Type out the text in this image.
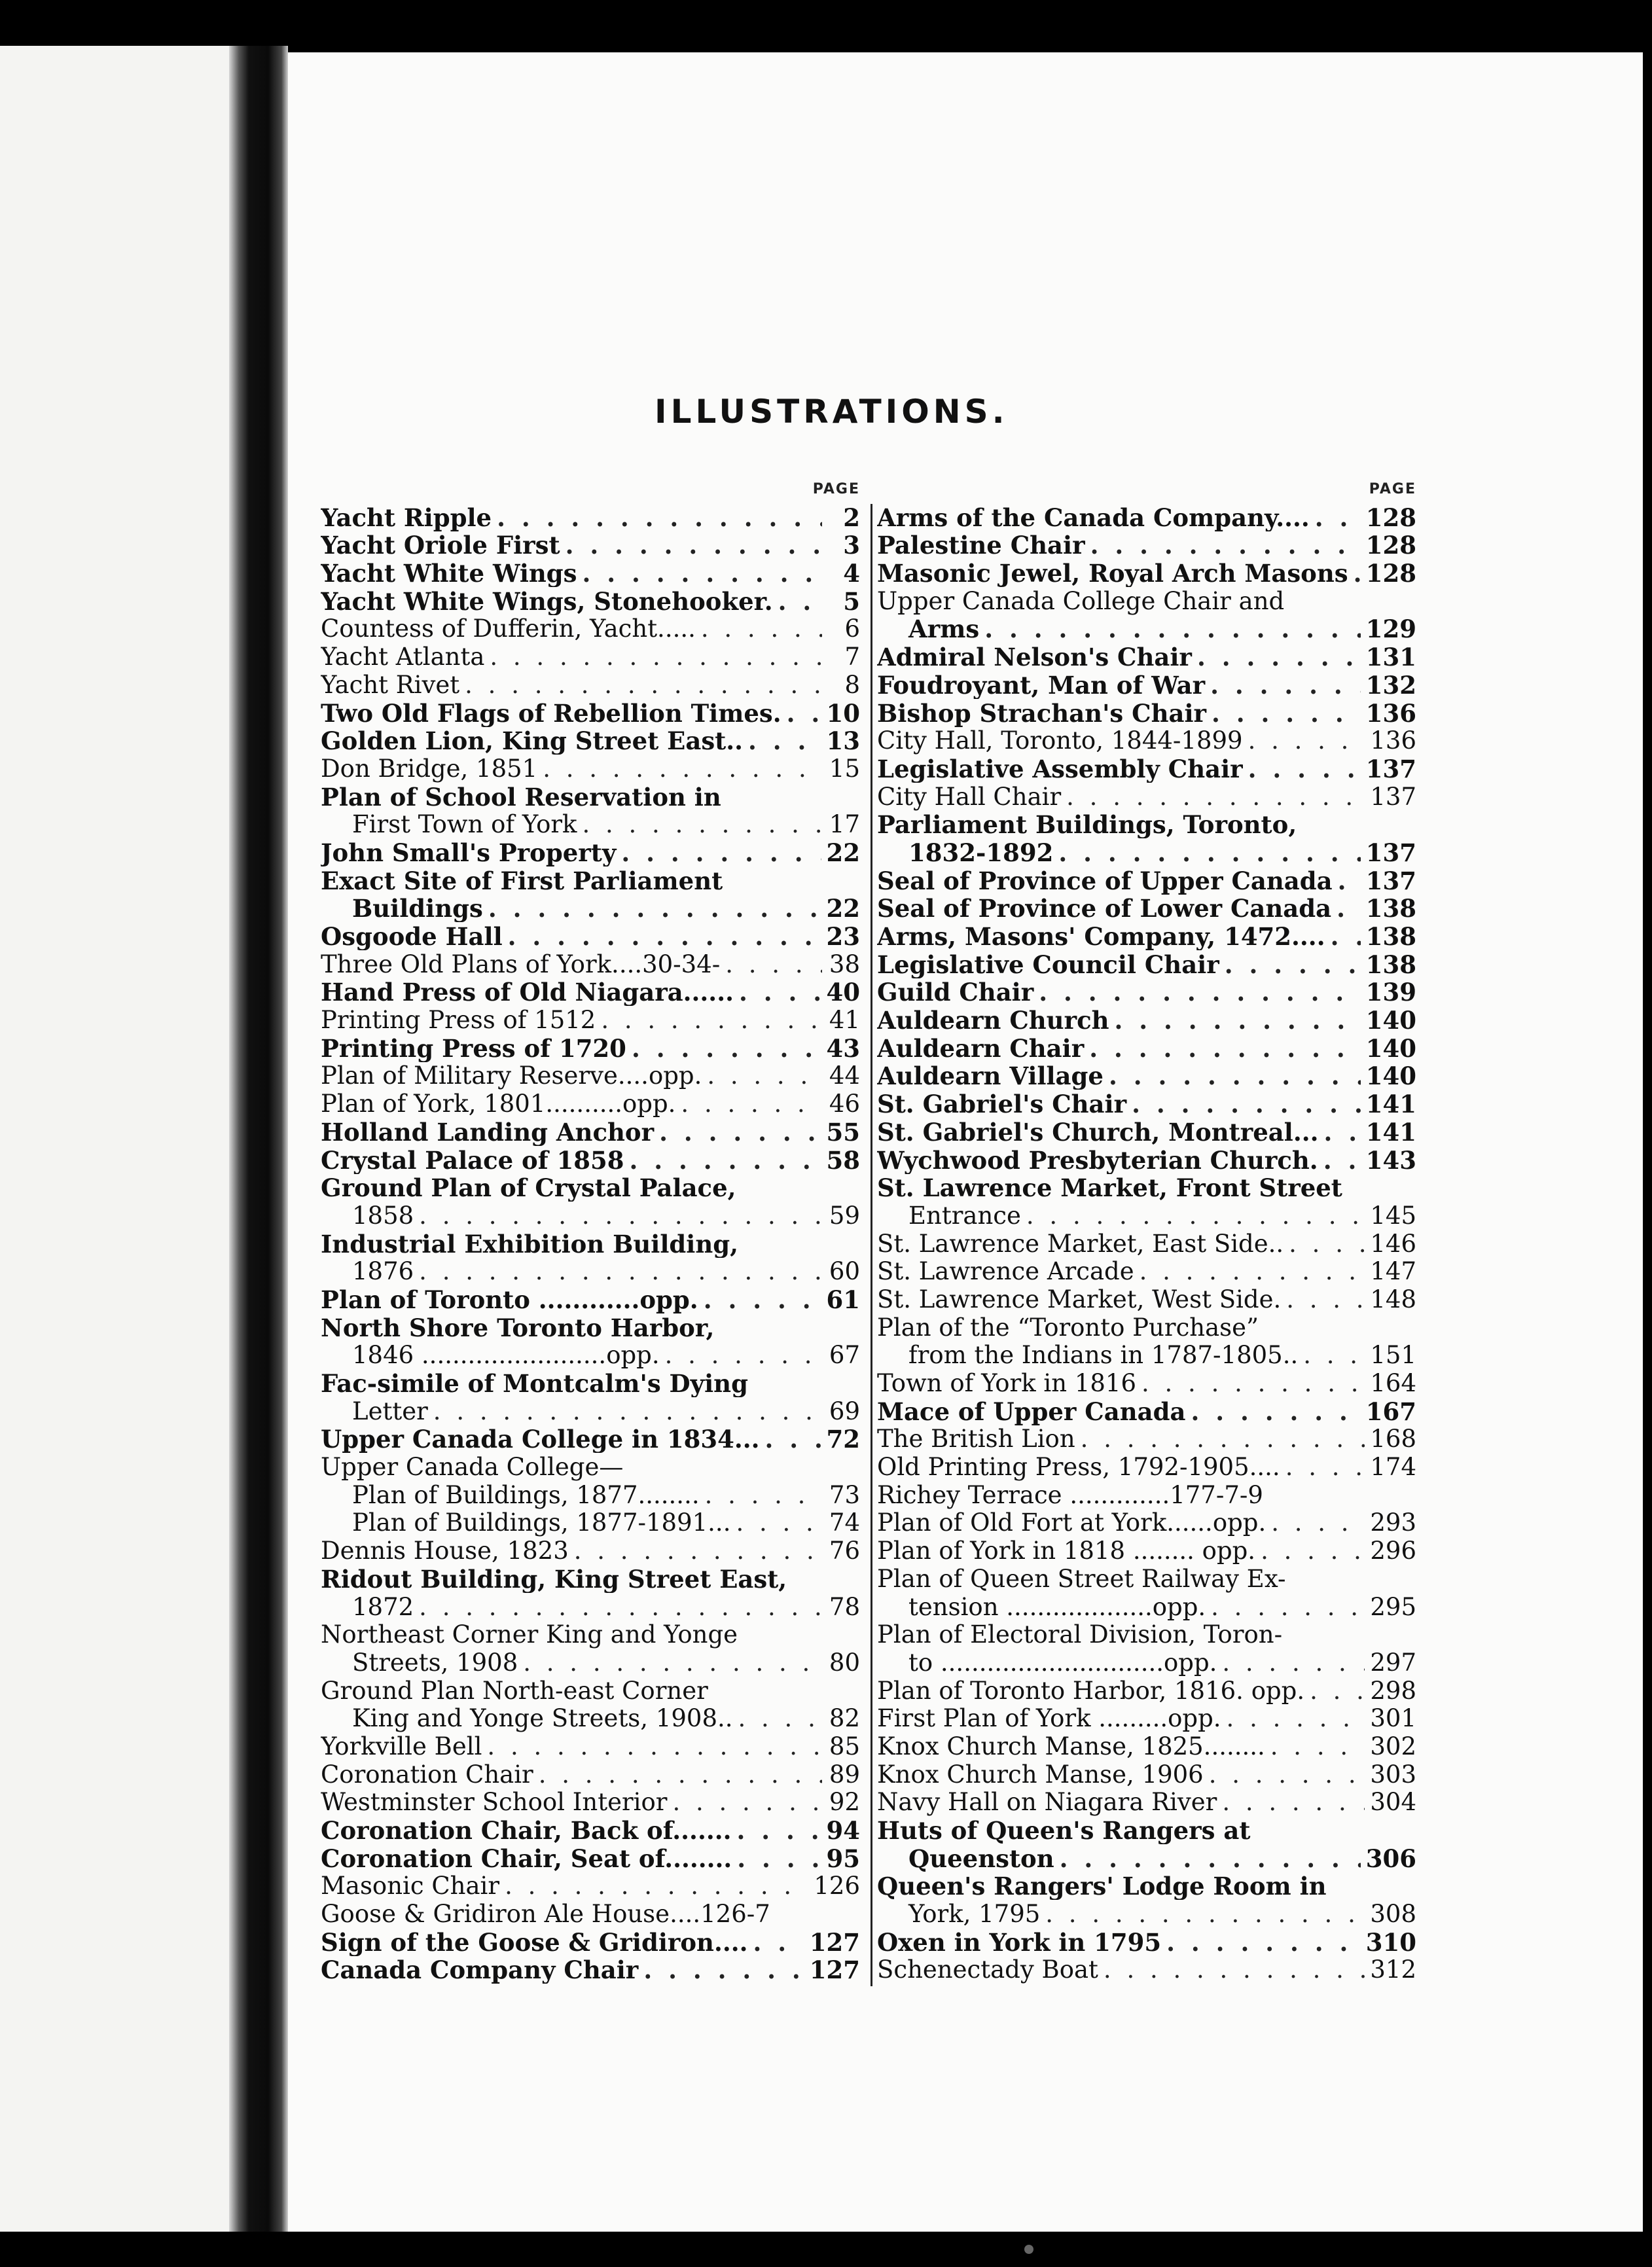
ILLUSTRATIONS.
PAGE
Yacht Ripple . . .	2
Yacht Oriole First . . .	3
Yacht White Wings . . .	4
Yacht White Wings, Stonehooker. . . .	5
Countess of Dufferin, Yacht..... . . .	6
Yacht Atlanta . . .	7
Yacht Rivet . . .	8
Two Old Flags of Rebellion Times. . . . 10
Golden Lion, King Street East.. . . .	13
Don Bridge, 1851 . . .	15
Plan of School Reservation in
First Town of York . . .	17
John Small's Property . . .	22
Exact Site of First Parliament
Buildings . . .	22
Osgoode Hall . . .	23
Three Old Plans of York....30-34- . . .	38
Hand Press of Old Niagara...... . . .	40
Printing Press of 1512 . . .	41
Printing Press of 1720 . . .	43
Plan of Military Reserve....opp. . . .	44
Plan of York, 1801..........opp. . . .	46
Holland Landing Anchor . . .	55
Crystal Palace of 1858 . . .	58
Ground Plan of Crystal Palace,
1858 . . .	59
Industrial Exhibition Building,
1876 . . .	60
Plan of Toronto ............opp. . . .	61
North Shore Toronto Harbor,
1846 ........................opp. . . .	67
Fac-simile of Montcalm's Dying
Letter . . .	69
Upper Canada College in 1834... . . .	72
Upper Canada College—
Plan of Buildings, 1877........ . . .	73
Plan of Buildings, 1877-1891... . . .	74
Dennis House, 1823 . . .	76
Ridout Building, King Street East,
1872 . . .	78
Northeast Corner King and Yonge
Streets, 1908 . . .	80
Ground Plan North-east Corner
King and Yonge Streets, 1908.. . . .	82
Yorkville Bell . . .	85
Coronation Chair . . .	89
Westminster School Interior . . .	92
Coronation Chair, Back of....... . . .	94
Coronation Chair, Seat of........ . . .	95
Masonic Chair . . .	126
Goose & Gridiron Ale House....126-7
Sign of the Goose & Gridiron.... . . .	127
Canada Company Chair . . .	127
PAGE
Arms of the Canada Company.... . . . 128
Palestine Chair . . .	128
Masonic Jewel, Royal Arch Masons . . . 128
Upper Canada College Chair and
Arms . . .	129
Admiral Nelson's Chair . . .	131
Foudroyant, Man of War . . .	132
Bishop Strachan's Chair . . .	136
City Hall, Toronto, 1844-1899 . . .	136
Legislative Assembly Chair . . .	137
City Hall Chair . . .	137
Parliament Buildings, Toronto,
1832-1892 . . .	137
Seal of Province of Upper Canada . . . 137
Seal of Province of Lower Canada . . . 138
Arms, Masons' Company, 1472.... . . . 138
Legislative Council Chair . . .	138
Guild Chair . . .	139
Auldearn Church . . .	140
Auldearn Chair . . .	140
Auldearn Village . . .	140
St. Gabriel's Chair . . .	141
St. Gabriel's Church, Montreal... . . . 141
Wychwood Presbyterian Church. . . . 143
St. Lawrence Market, Front Street
Entrance . . .	145
St. Lawrence Market, East Side.. . . .	146
St. Lawrence Arcade . . .	147
St. Lawrence Market, West Side. . . .	148
Plan of the “Toronto Purchase”
from the Indians in 1787-1805.. . . .	151
Town of York in 1816 . . .	164
Mace of Upper Canada . . .	167
The British Lion . . .	168
Old Printing Press, 1792-1905.... . . .	174
Richey Terrace .............177-7-9
Plan of Old Fort at York......opp. . . .	293
Plan of York in 1818 ........ opp. . . .	296
Plan of Queen Street Railway Ex-
tension ...................opp. . . .	295
Plan of Electoral Division, Toron-
to .............................opp. . . .	297
Plan of Toronto Harbor, 1816. opp. . . .	298
First Plan of York .........opp. . . .	301
Knox Church Manse, 1825........ . . .	302
Knox Church Manse, 1906 . . .	303
Navy Hall on Niagara River . . .	304
Huts of Queen's Rangers at
Queenston . . .	306
Queen's Rangers' Lodge Room in
York, 1795 . . .	308
Oxen in York in 1795 . . .	310
Schenectady Boat . . .	312
